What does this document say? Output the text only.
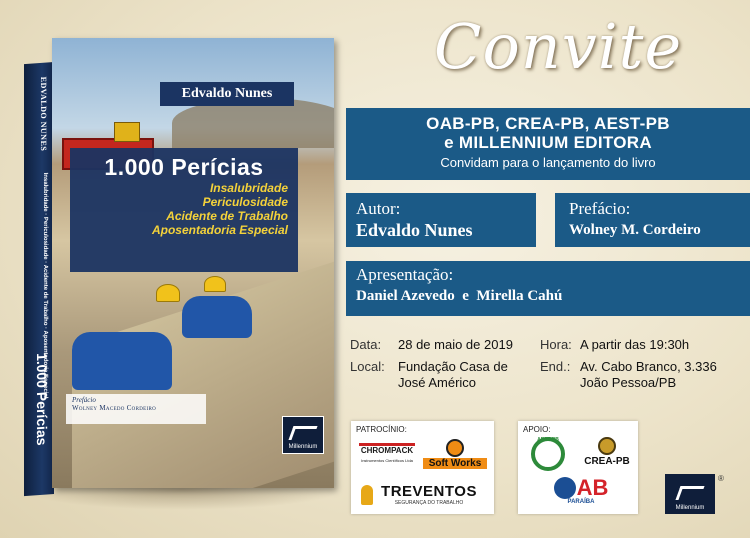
EDVALDO NUNES
Insalubridade · Periculosidade · Acidente de Trabalho · Aposentadoria Especial
1.000 Perícias
Edvaldo Nunes
1.000 Perícias
Insalubridade
Periculosidade
Acidente de Trabalho
Aposentadoria Especial
Prefácio
Wolney Macedo Cordeiro
Millennium
Convite
OAB-PB, CREA-PB, AEST-PB
e MILLENNIUM EDITORA
Convidam para o lançamento do livro
Autor:
Edvaldo Nunes
Prefácio:
Wolney M. Cordeiro
Apresentação:
Daniel Azevedo  e  Mirella Cahú
Data: 28 de maio de 2019 Hora: A partir das 19:30h
Local: Fundação Casa de
José Américo
End.: Av. Cabo Branco, 3.336
João Pessoa/PB
PATROCÍNIO:
CHROMPACK
Instrumentos Científicos Ltda	Soft Works
TREVENTOS
SEGURANÇA DO TRABALHO
APOIO:
AEST-PB
CREA-PB
AB
PARAÍBA
Millennium
®
